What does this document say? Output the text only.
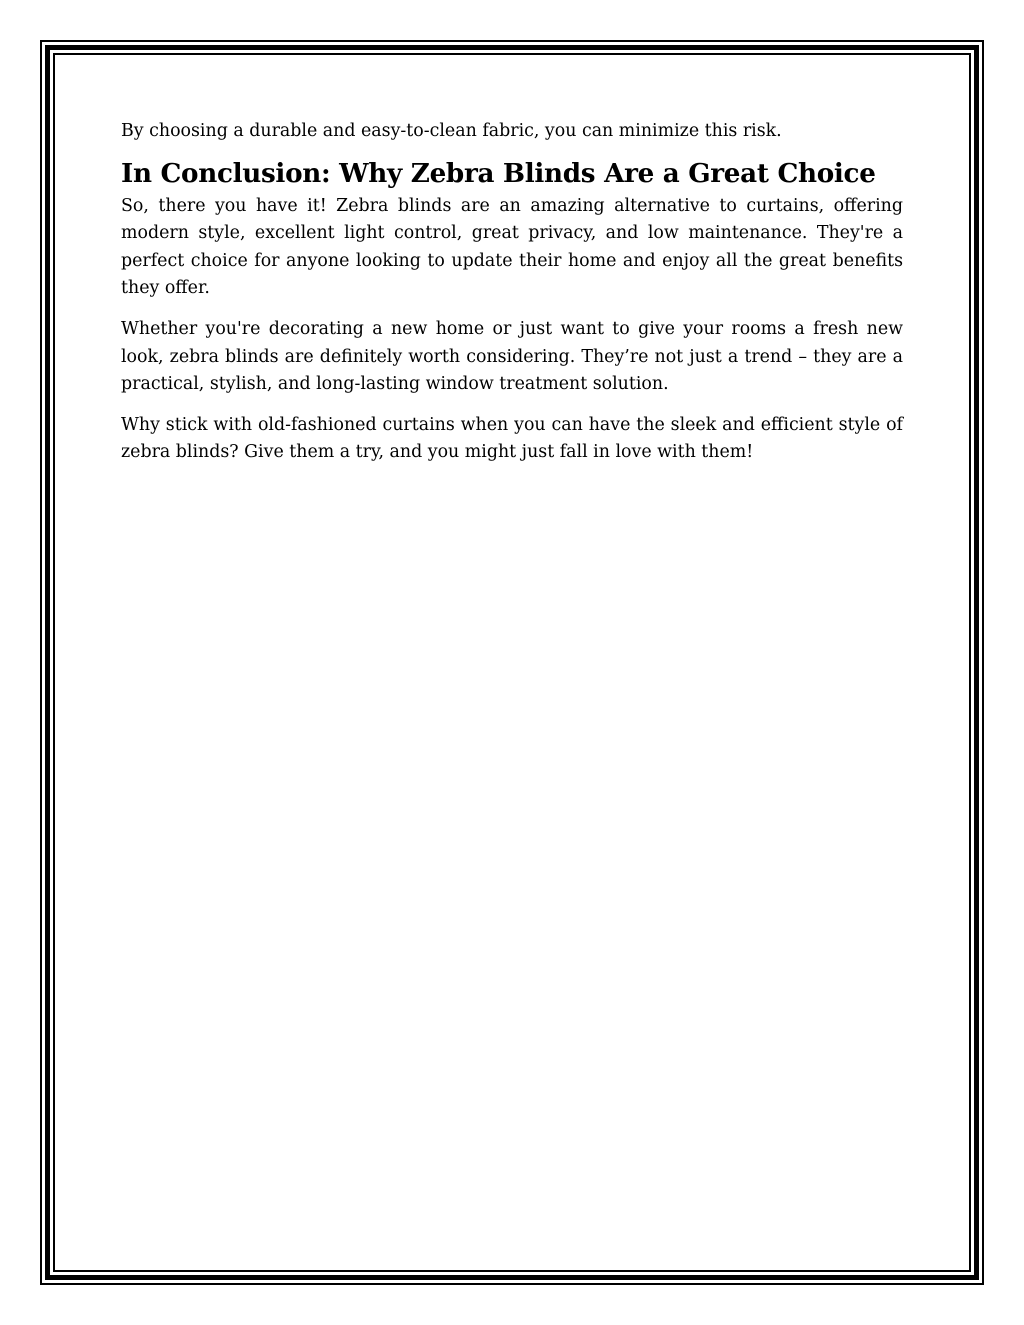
By choosing a durable and easy-to-clean fabric, you can minimize this risk.

In Conclusion: Why Zebra Blinds Are a Great Choice

So, there you have it! Zebra blinds are an amazing alternative to curtains, offering modern style, excellent light control, great privacy, and low maintenance. They're a perfect choice for anyone looking to update their home and enjoy all the great benefits they offer.

Whether you're decorating a new home or just want to give your rooms a fresh new look, zebra blinds are definitely worth considering. They’re not just a trend – they are a practical, stylish, and long-lasting window treatment solution.

Why stick with old-fashioned curtains when you can have the sleek and efficient style of zebra blinds? Give them a try, and you might just fall in love with them!
